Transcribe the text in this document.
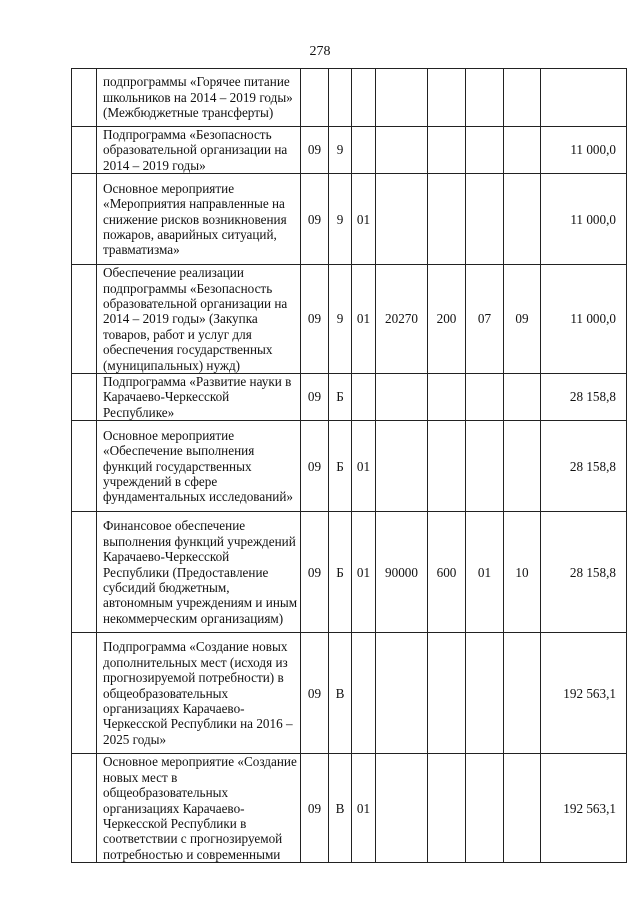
278

	подпрограммы «Горячее питание школьников на 2014 – 2019 годы» (Межбюджетные трансферты)								

	Подпрограмма «Безопасность образовательной организации на 2014 – 2019 годы»	09	9						11 000,0

	Основное мероприятие «Мероприятия направленные на снижение рисков возникновения пожаров, аварийных ситуаций, травматизма»	09	9	01					11 000,0

	Обеспечение реализации подпрограммы «Безопасность образовательной организации на 2014 – 2019 годы» (Закупка товаров, работ и услуг для обеспечения государственных (муниципальных) нужд)	09	9	01	20270	200	07	09	11 000,0

	Подпрограмма «Развитие науки в Карачаево-Черкесской Республике»	09	Б						28 158,8

	Основное мероприятие «Обеспечение выполнения функций государственных учреждений в сфере фундаментальных исследований»	09	Б	01					28 158,8

	Финансовое обеспечение выполнения функций учреждений Карачаево-Черкесской Республики (Предоставление субсидий бюджетным, автономным учреждениям и иным некоммерческим организациям)	09	Б	01	90000	600	01	10	28 158,8

	Подпрограмма «Создание новых дополнительных мест (исходя из прогнозируемой потребности) в общеобразовательных организациях Карачаево-Черкесской Республики на 2016 – 2025 годы»	09	В						192 563,1

	Основное мероприятие «Создание новых мест в общеобразовательных организациях Карачаево-Черкесской Республики в соответствии с прогнозируемой потребностью и современными	09	В	01					192 563,1
